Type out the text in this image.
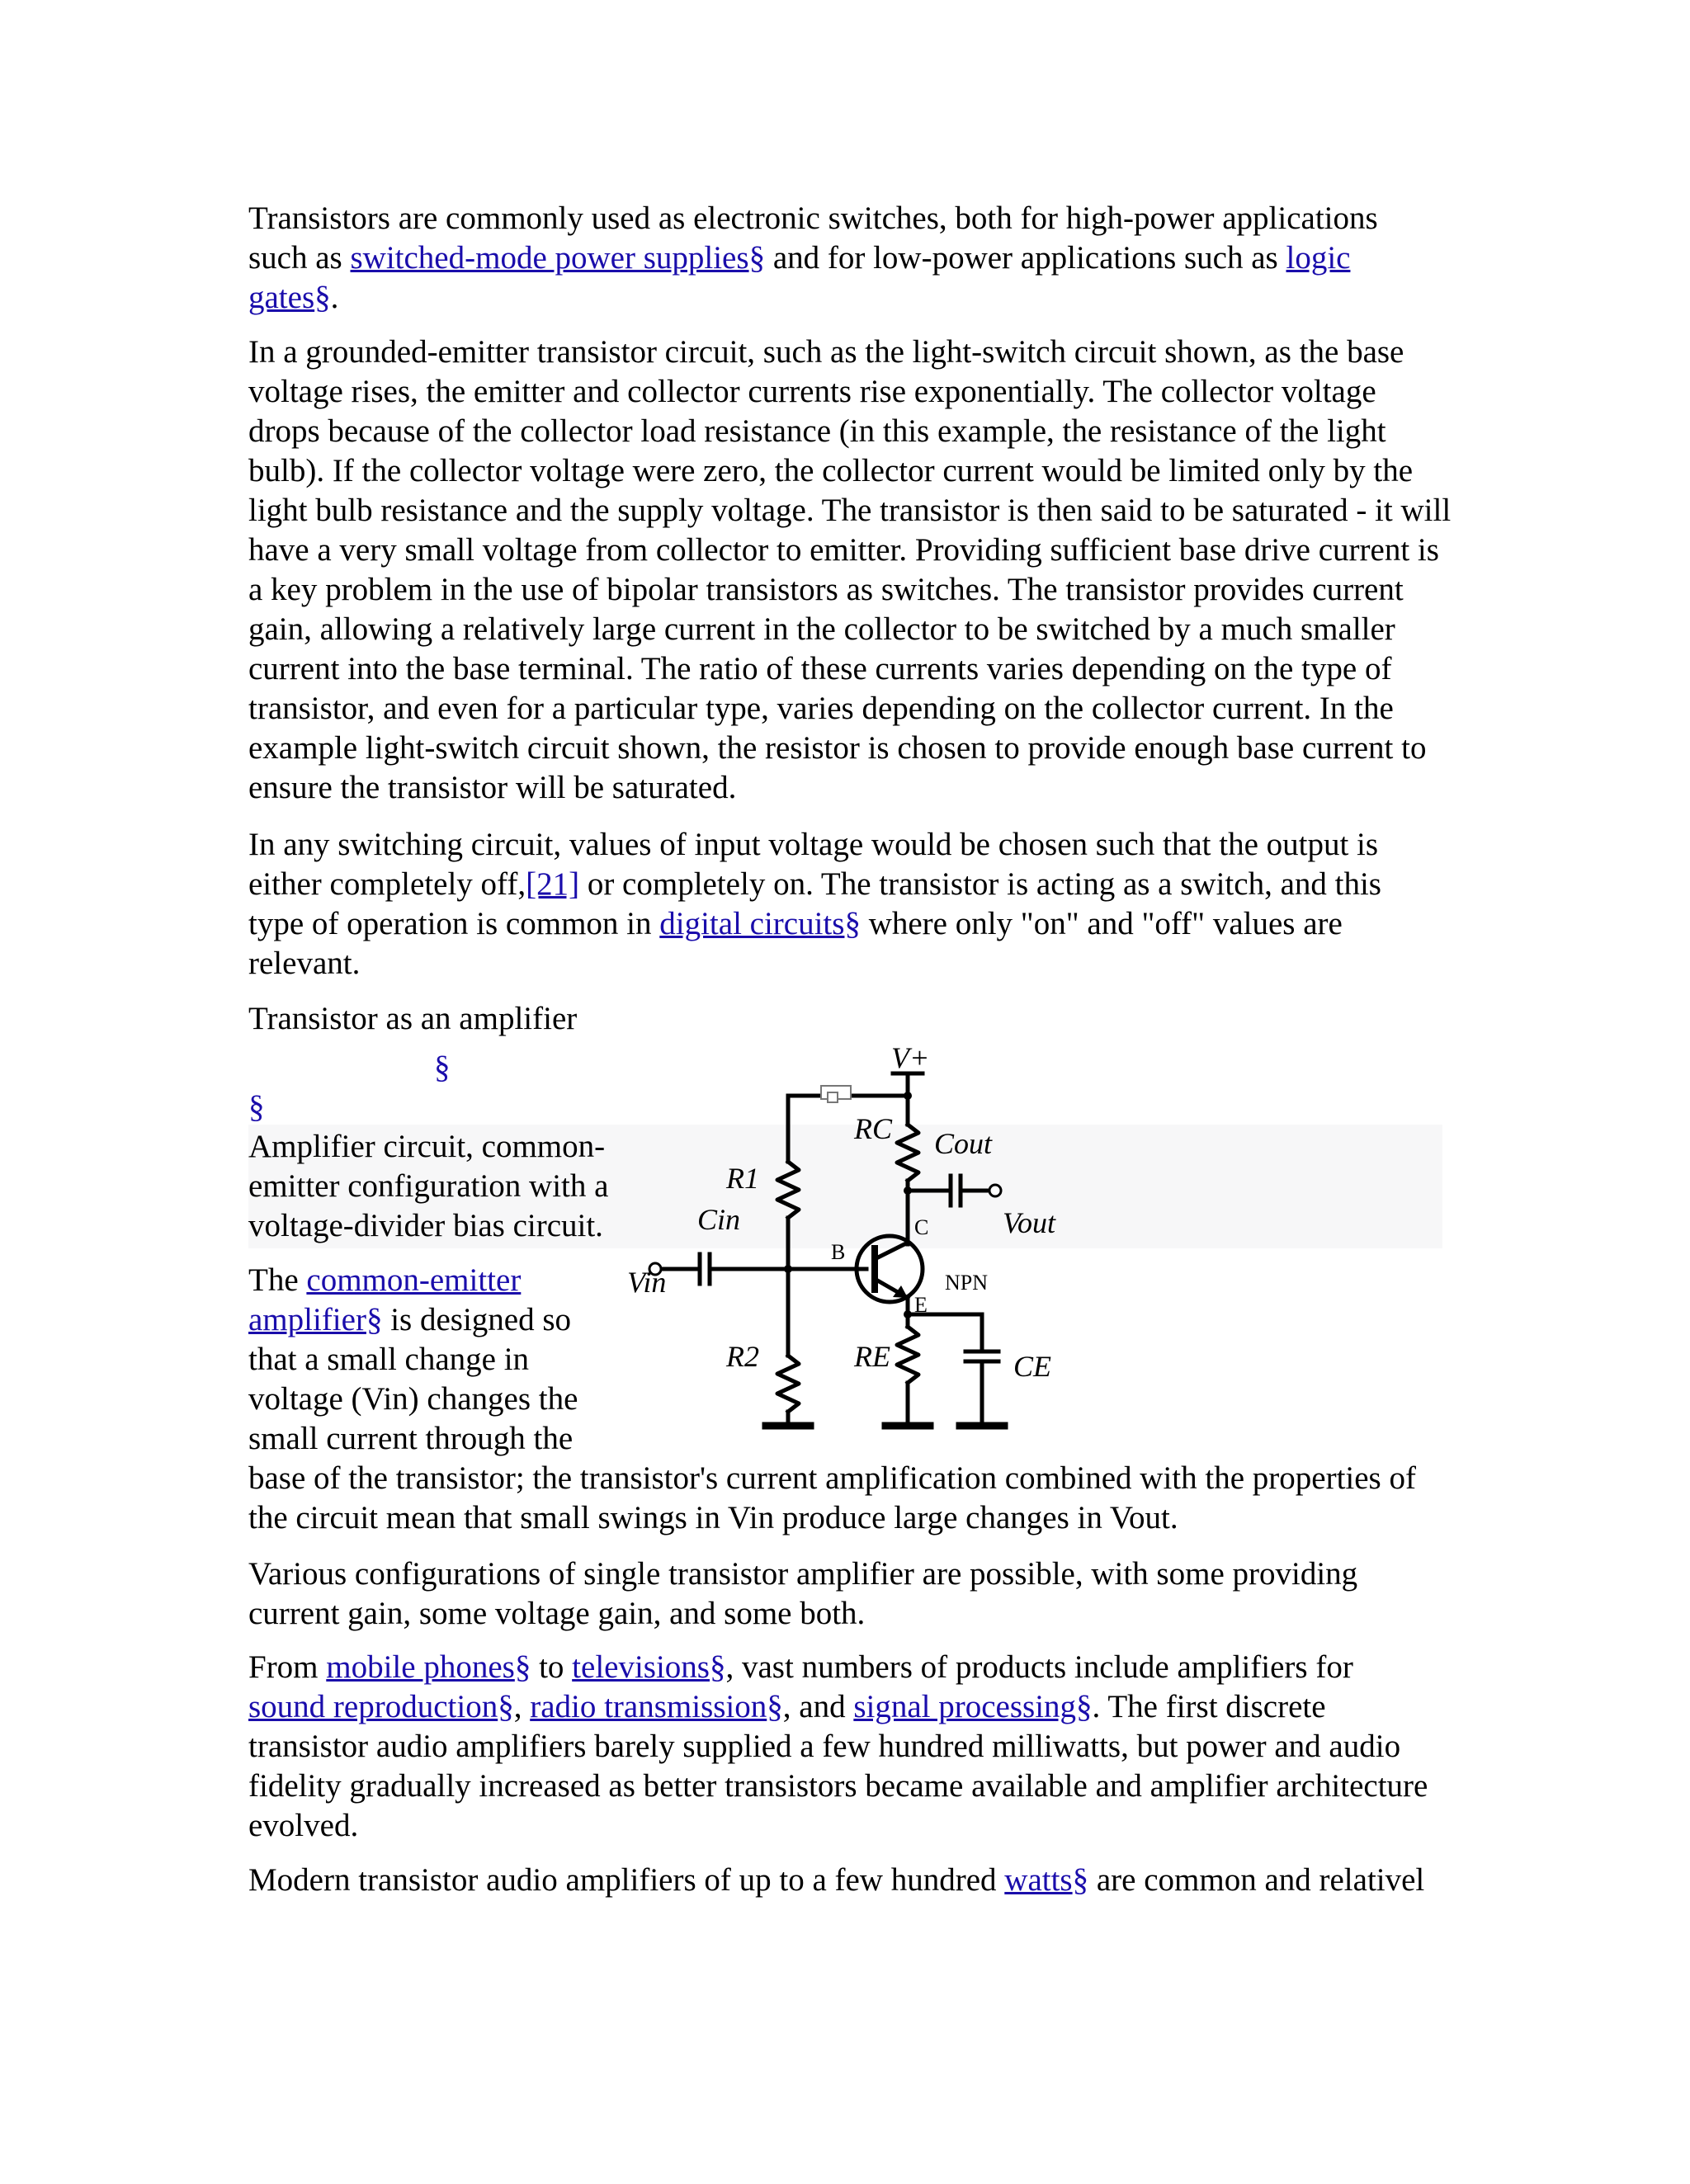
Transistors are commonly used as electronic switches, both for high-power applications such as switched-mode power supplies§ and for low-power applications such as logic gates§.

In a grounded-emitter transistor circuit, such as the light-switch circuit shown, as the base voltage rises, the emitter and collector currents rise exponentially. The collector voltage drops because of the collector load resistance (in this example, the resistance of the light bulb). If the collector voltage were zero, the collector current would be limited only by the light bulb resistance and the supply voltage. The transistor is then said to be saturated - it will have a very small voltage from collector to emitter. Providing sufficient base drive current is a key problem in the use of bipolar transistors as switches. The transistor provides current gain, allowing a relatively large current in the collector to be switched by a much smaller current into the base terminal. The ratio of these currents varies depending on the type of transistor, and even for a particular type, varies depending on the collector current. In the example light-switch circuit shown, the resistor is chosen to provide enough base current to ensure the transistor will be saturated.

In any switching circuit, values of input voltage would be chosen such that the output is either completely off,[21] or completely on. The transistor is acting as a switch, and this type of operation is common in digital circuits§ where only "on" and "off" values are relevant.

Transistor as an amplifier

§
§

Amplifier circuit, common-emitter configuration with a voltage-divider bias circuit.

The common-emitter amplifier§ is designed so that a small change in voltage (Vin) changes the small current through the

base of the transistor; the transistor's current amplification combined with the properties of the circuit mean that small swings in Vin produce large changes in Vout.

Various configurations of single transistor amplifier are possible, with some providing current gain, some voltage gain, and some both.

From mobile phones§ to televisions§, vast numbers of products include amplifiers for sound reproduction§, radio transmission§, and signal processing§. The first discrete transistor audio amplifiers barely supplied a few hundred milliwatts, but power and audio fidelity gradually increased as better transistors became available and amplifier architecture evolved.

Modern transistor audio amplifiers of up to a few hundred watts§ are common and relativel

V+
R1
R2
RC
RE
Cin
Cout
CE
Vin
Vout
B
C
E
NPN
